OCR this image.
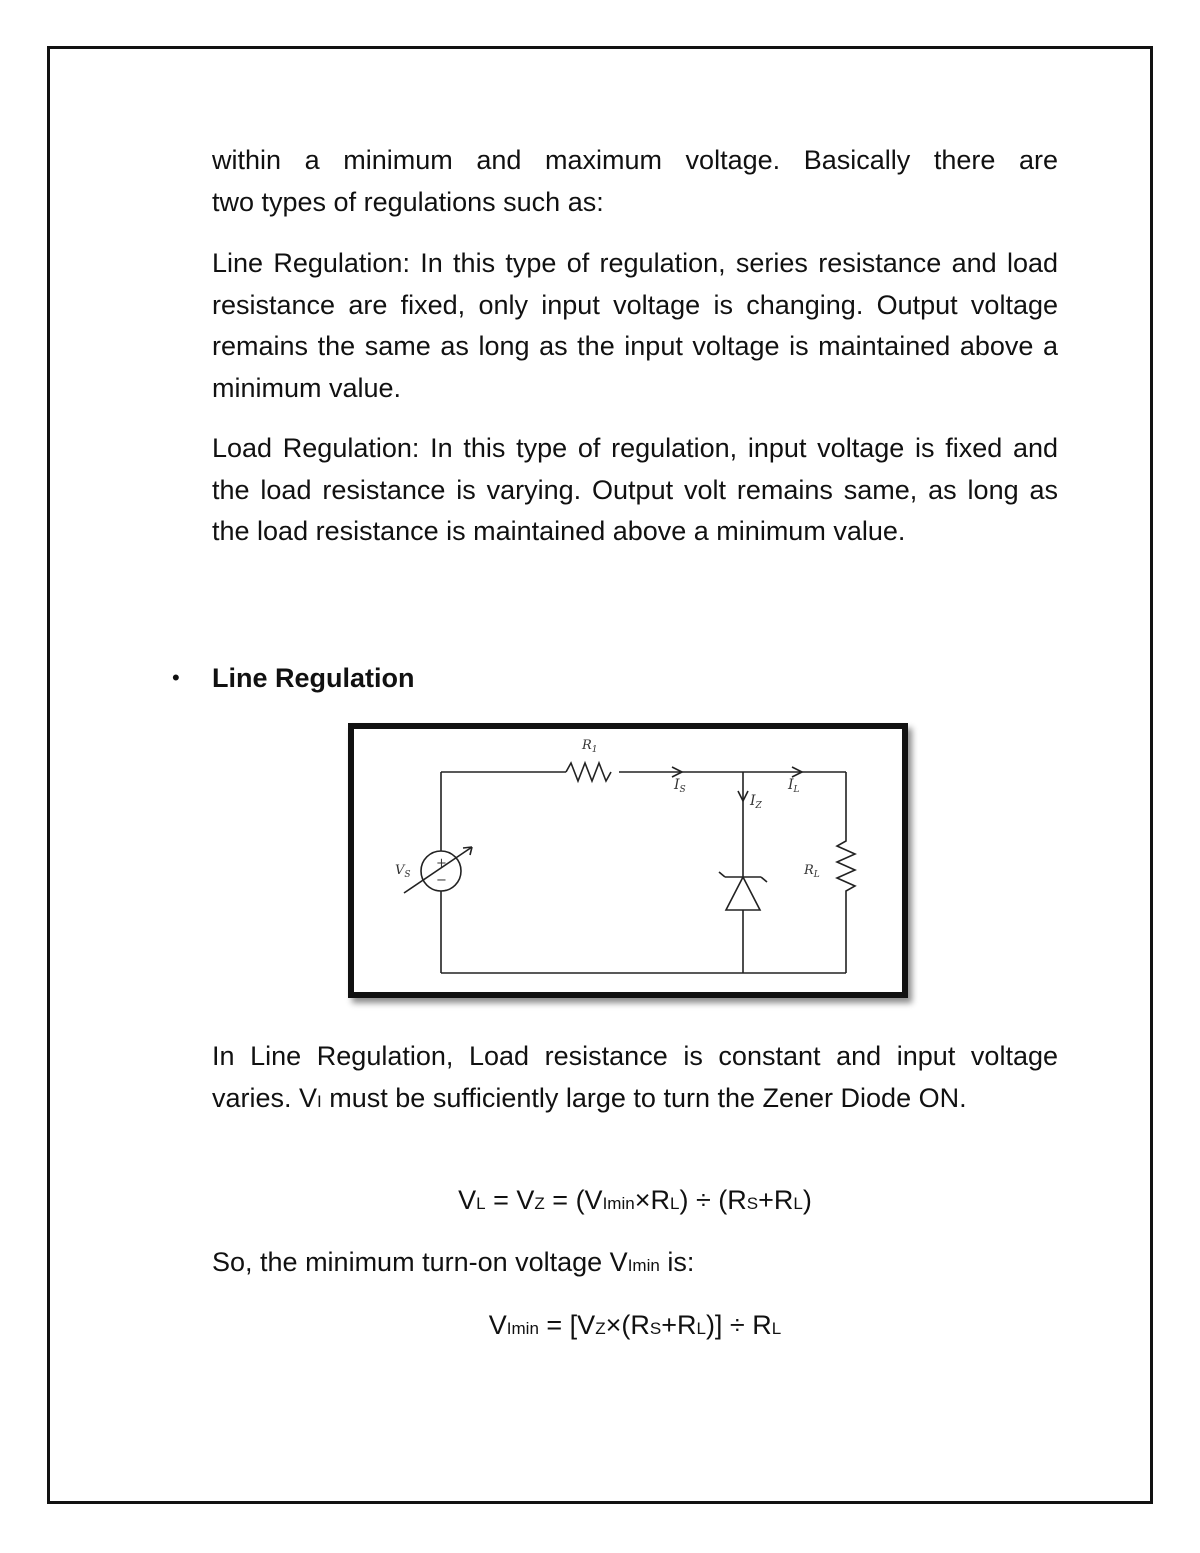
within a minimum and maximum voltage. Basically there are

two types of regulations such as:

Line Regulation: In this type of regulation, series resistance and load resistance are fixed, only input voltage is changing. Output voltage remains the same as long as the input voltage is maintained above a minimum value.

Load Regulation: In this type of regulation, input voltage is fixed and the load resistance is varying. Output volt remains same, as long as the load resistance is maintained above a minimum value.

•	Line Regulation
$R_1$
$I_S$
$I_Z$
$I_L$
$V_S$	$R_L$
+
−

In Line Regulation, Load resistance is constant and input voltage varies. VI must be sufficiently large to turn the Zener Diode ON.

VL = VZ = (VImin×RL) ÷ (RS+RL)

So, the minimum turn-on voltage VImin is:

VImin = [VZ×(RS+RL)] ÷ RL
